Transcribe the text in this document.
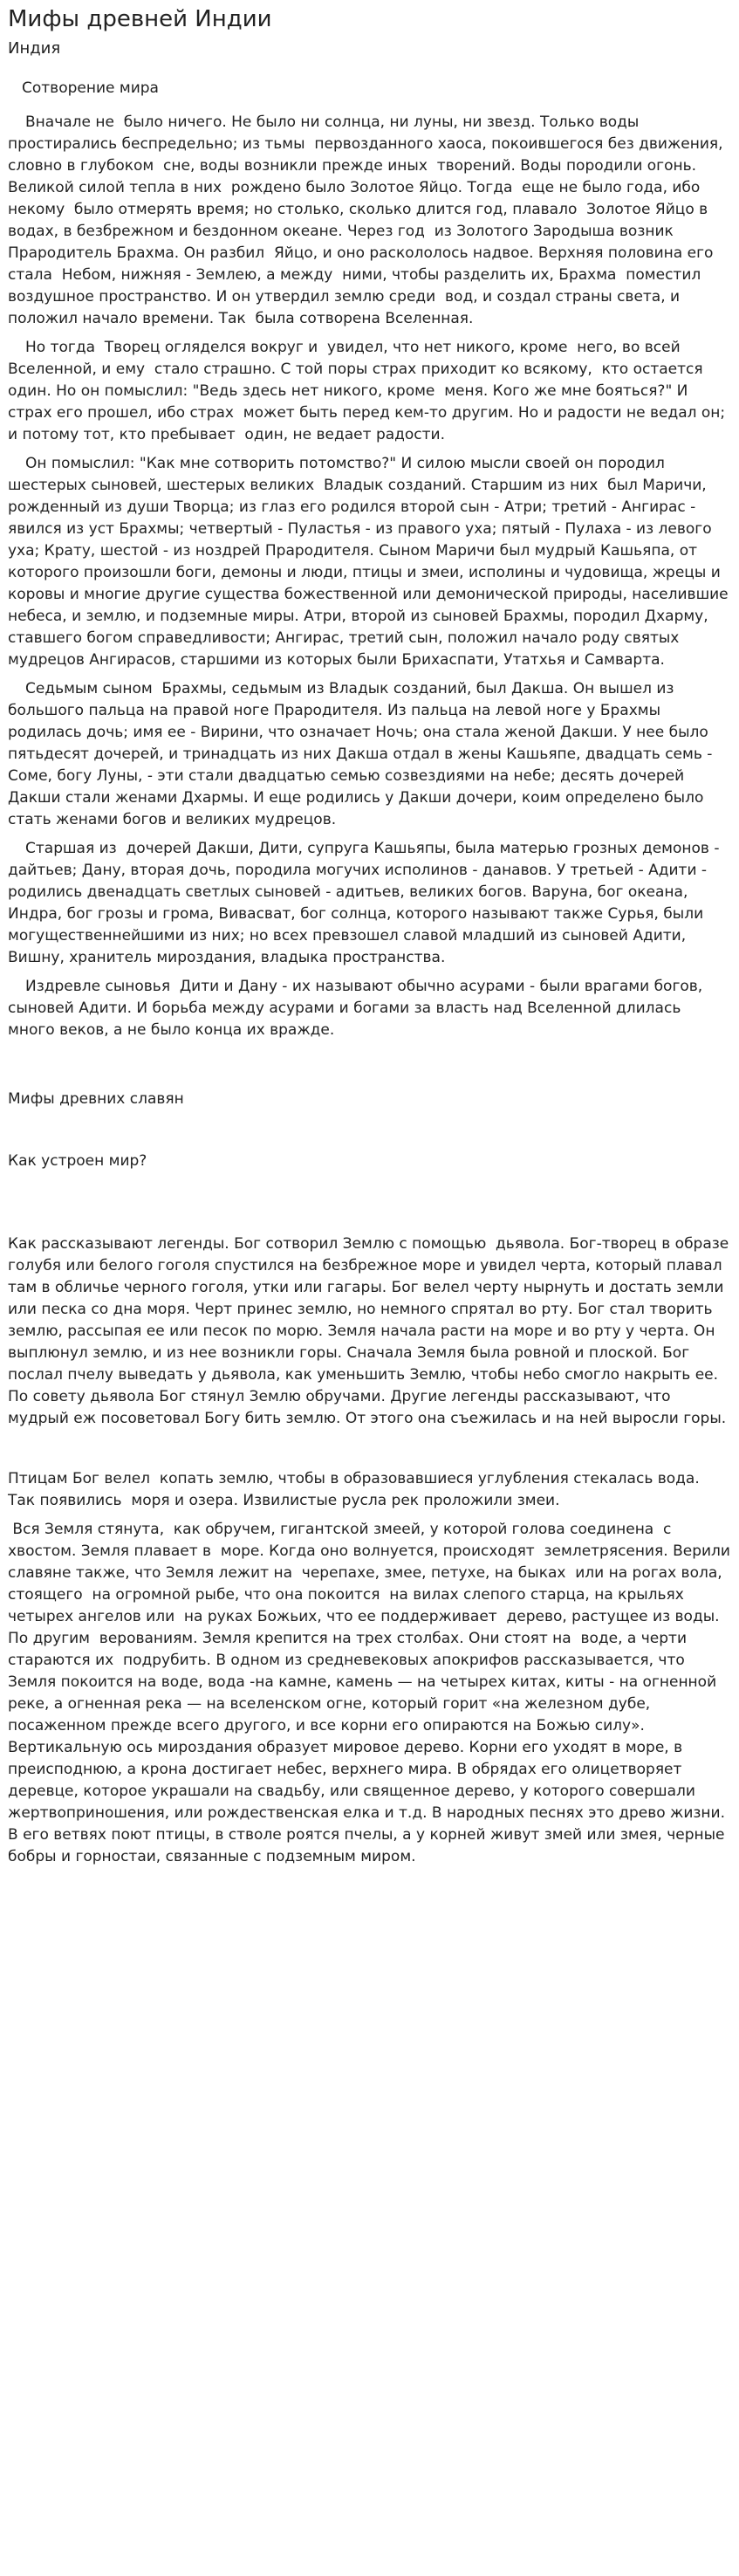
Мифы древней Индии
Индия
Сотворение мира

Вначале не  было ничего. Не было ни солнца, ни луны, ни звезд. Только воды простирались беспредельно; из тьмы  первозданного хаоса, покоившегося без движения, словно в глубоком  сне, воды возникли прежде иных  творений. Воды породили огонь.  Великой силой тепла в них  рождено было Золотое Яйцо. Тогда  еще не было года, ибо некому  было отмерять время; но столько, сколько длится год, плавало  Золотое Яйцо в водах, в безбрежном и бездонном океане. Через год  из Золотого Зародыша возник Прародитель Брахма. Он разбил  Яйцо, и оно раскололось надвое. Верхняя половина его стала  Небом, нижняя - Землею, а между  ними, чтобы разделить их, Брахма  поместил воздушное пространство. И он утвердил землю среди  вод, и создал страны света, и положил начало времени. Так  была сотворена Вселенная.

Но тогда  Творец огляделся вокруг и  увидел, что нет никого, кроме  него, во всей Вселенной, и ему  стало страшно. С той поры страх приходит ко всякому,  кто остается один. Но он помыслил: "Ведь здесь нет никого, кроме  меня. Кого же мне бояться?" И страх его прошел, ибо страх  может быть перед кем-то другим. Но и радости не ведал он; и потому тот, кто пребывает  один, не ведает радости.

Он помыслил: "Как мне сотворить потомство?" И силою мысли своей он породил  шестерых сыновей, шестерых великих  Владык созданий. Старшим из них  был Маричи, рожденный из души Творца; из глаз его родился второй сын - Атри; третий - Ангирас - явился из уст Брахмы; четвертый - Пуластья - из правого уха; пятый - Пулаха - из левого уха; Крату, шестой - из ноздрей Прародителя. Сыном Маричи был мудрый Кашьяпа, от которого произошли боги, демоны и люди, птицы и змеи, исполины и чудовища, жрецы и коровы и многие другие существа божественной или демонической природы, населившие небеса, и землю, и подземные миры. Атри, второй из сыновей Брахмы, породил Дхарму, ставшего богом справедливости; Ангирас, третий сын, положил начало роду святых мудрецов Ангирасов, старшими из которых были Брихаспати, Утатхья и Самварта.

Седьмым сыном  Брахмы, седьмым из Владык созданий, был Дакша. Он вышел из большого пальца на правой ноге Прародителя. Из пальца на левой ноге у Брахмы родилась дочь; имя ее - Вирини, что означает Ночь; она стала женой Дакши. У нее было пятьдесят дочерей, и тринадцать из них Дакша отдал в жены Кашьяпе, двадцать семь - Соме, богу Луны, - эти стали двадцатью семью созвездиями на небе; десять дочерей Дакши стали женами Дхармы. И еще родились у Дакши дочери, коим определено было стать женами богов и великих мудрецов.

Старшая из  дочерей Дакши, Дити, супруга Кашьяпы, была матерью грозных демонов - дайтьев; Дану, вторая дочь, породила могучих исполинов - данавов. У третьей - Адити - родились двенадцать светлых сыновей - адитьев, великих богов. Варуна, бог океана, Индра, бог грозы и грома, Вивасват, бог солнца, которого называют также Сурья, были могущественнейшими из них; но всех превзошел славой младший из сыновей Адити, Вишну, хранитель мироздания, владыка пространства.

Издревле сыновья  Дити и Дану - их называют обычно асурами - были врагами богов, сыновей Адити. И борьба между асурами и богами за власть над Вселенной длилась много веков, а не было конца их вражде.

Мифы древних славян

Как устроен мир?

Как рассказывают легенды. Бог сотворил Землю с помощью  дьявола. Бог-творец в образе голубя или белого гоголя спустился на безбрежное море и увидел черта, который плавал там в обличье черного гоголя, утки или гагары. Бог велел черту нырнуть и достать земли или песка со дна моря. Черт принес землю, но немного спрятал во рту. Бог стал творить землю, рассыпая ее или песок по морю. Земля начала расти на море и во рту у черта. Он выплюнул землю, и из нее возникли горы. Сначала Земля была ровной и плоской. Бог послал пчелу выведать у дьявола, как уменьшить Землю, чтобы небо смогло накрыть ее. По совету дьявола Бог стянул Землю обручами. Другие легенды рассказывают, что мудрый еж посоветовал Богу бить землю. От этого она съежилась и на ней выросли горы.

Птицам Бог велел  копать землю, чтобы в образовавшиеся углубления стекалась вода. Так появились  моря и озера. Извилистые русла рек проложили змеи.

Вся Земля стянута,  как обручем, гигантской змеей, у которой голова соединена  с хвостом. Земля плавает в  море. Когда оно волнуется, происходят  землетрясения. Верили славяне также, что Земля лежит на  черепахе, змее, петухе, на быках  или на рогах вола, стоящего  на огромной рыбе, что она покоится  на вилах слепого старца, на крыльях четырех ангелов или  на руках Божьих, что ее поддерживает  дерево, растущее из воды. По другим  верованиям. Земля крепится на трех столбах. Они стоят на  воде, а черти стараются их  подрубить. В одном из средневековых апокрифов рассказывается, что Земля покоится на воде, вода -на камне, камень — на четырех китах, киты - на огненной реке, а огненная река — на вселенском огне, который горит «на железном дубе, посаженном прежде всего другого, и все корни его опираются на Божью силу». Вертикальную ось мироздания образует мировое дерево. Корни его уходят в море, в преисподнюю, а крона достигает небес, верхнего мира. В обрядах его олицетворяет деревце, которое украшали на свадьбу, или священное дерево, у которого совершали жертвоприношения, или рождественская елка и т.д. В народных песнях это древо жизни. В его ветвях поют птицы, в стволе роятся пчелы, а у корней живут змей или змея, черные бобры и горностаи, связанные с подземным миром.
